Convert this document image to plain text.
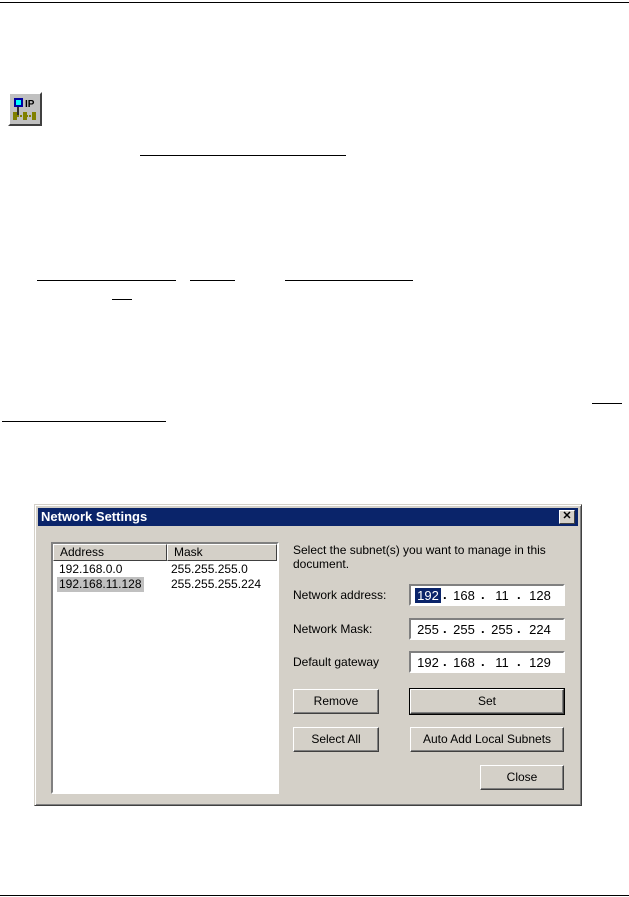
IP
Network Settings	✕
Address	Mask
192.168.0.0	255.255.255.0
192.168.11.128 255.255.255.224
Select the subnet(s) you want to manage in this document.
Network address: 192 . 168 . 11 . 128
Network Mask:	255 . 255 . 255 . 224
Default gateway	192 . 168 . 11 . 129
Remove	Set
Select All	Auto Add Local Subnets
Close
